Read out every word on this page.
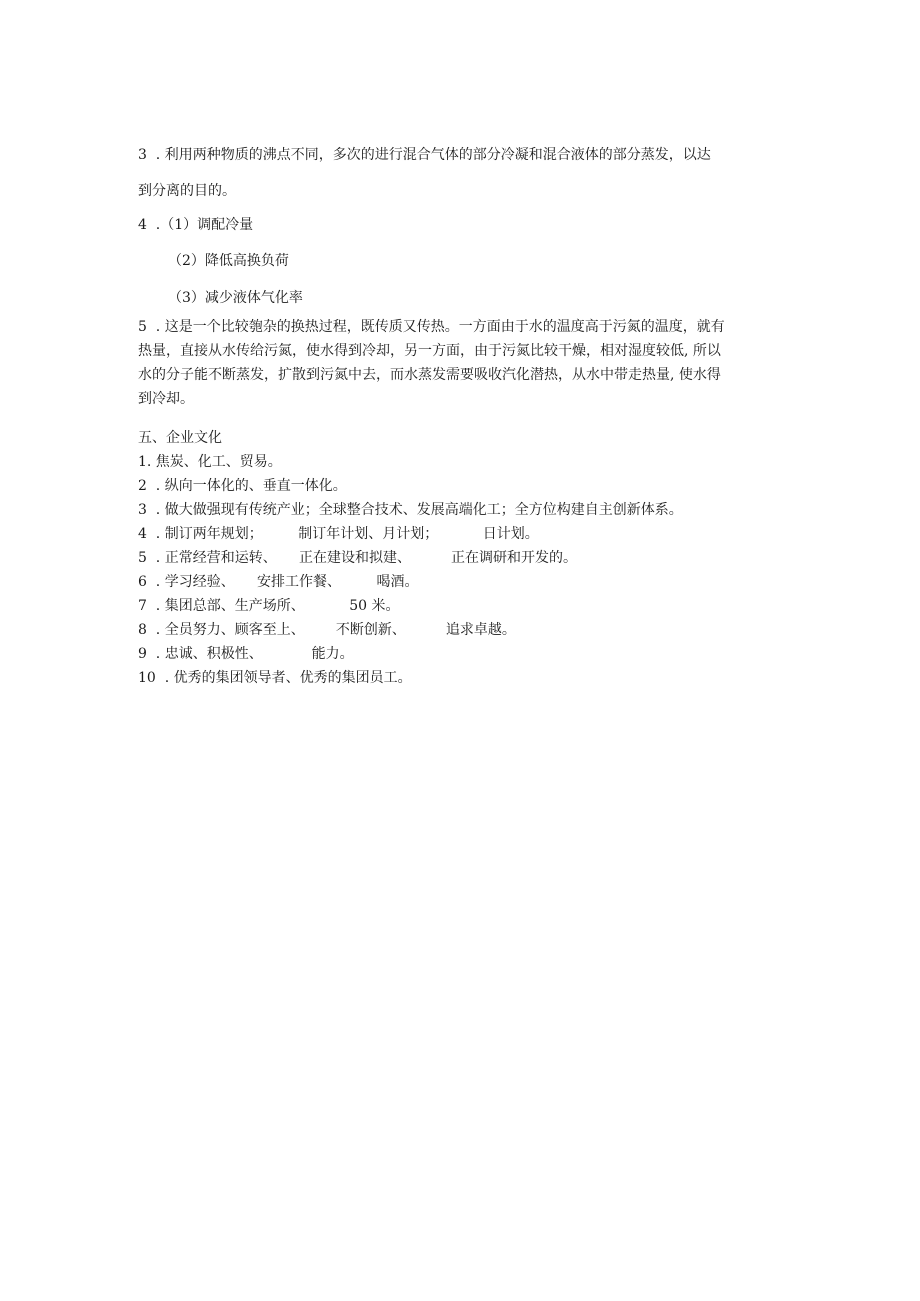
3  . 利用两种物质的沸点不同，多次的进行混合气体的部分冷凝和混合液体的部分蒸发，以达
到分离的目的。
4  .（1）调配冷量
（2）降低高换负荷
（3）减少液体气化率
5  . 这是一个比较匏杂的换热过程，既传质又传热。一方面由于水的温度高于污氮的温度，就有
热量，直接从水传给污氮，使水得到冷却，另一方面，由于污氮比较干燥，相对湿度较低, 所以
水的分子能不断蒸发，扩散到污氮中去，而水蒸发需要吸收汽化潜热，从水中带走热量, 使水得
到冷却。
五、企业文化
1. 焦炭、化工、贸易。
2  . 纵向一体化的、垂直一体化。
3  . 做大做强现有传统产业；全球整合技术、发展高端化工；全方位构建自主创新体系。
4  . 制订两年规划；        制订年计划、月计划；          日计划。
5  . 正常经营和运转、     正在建设和拟建、         正在调研和开发的。
6  . 学习经验、     安排工作餐、        喝酒。
7  . 集团总部、生产场所、          50 米。
8  . 全员努力、顾客至上、       不断创新、         追求卓越。
9  . 忠诚、积极性、           能力。
10  . 优秀的集团领导者、优秀的集团员工。
